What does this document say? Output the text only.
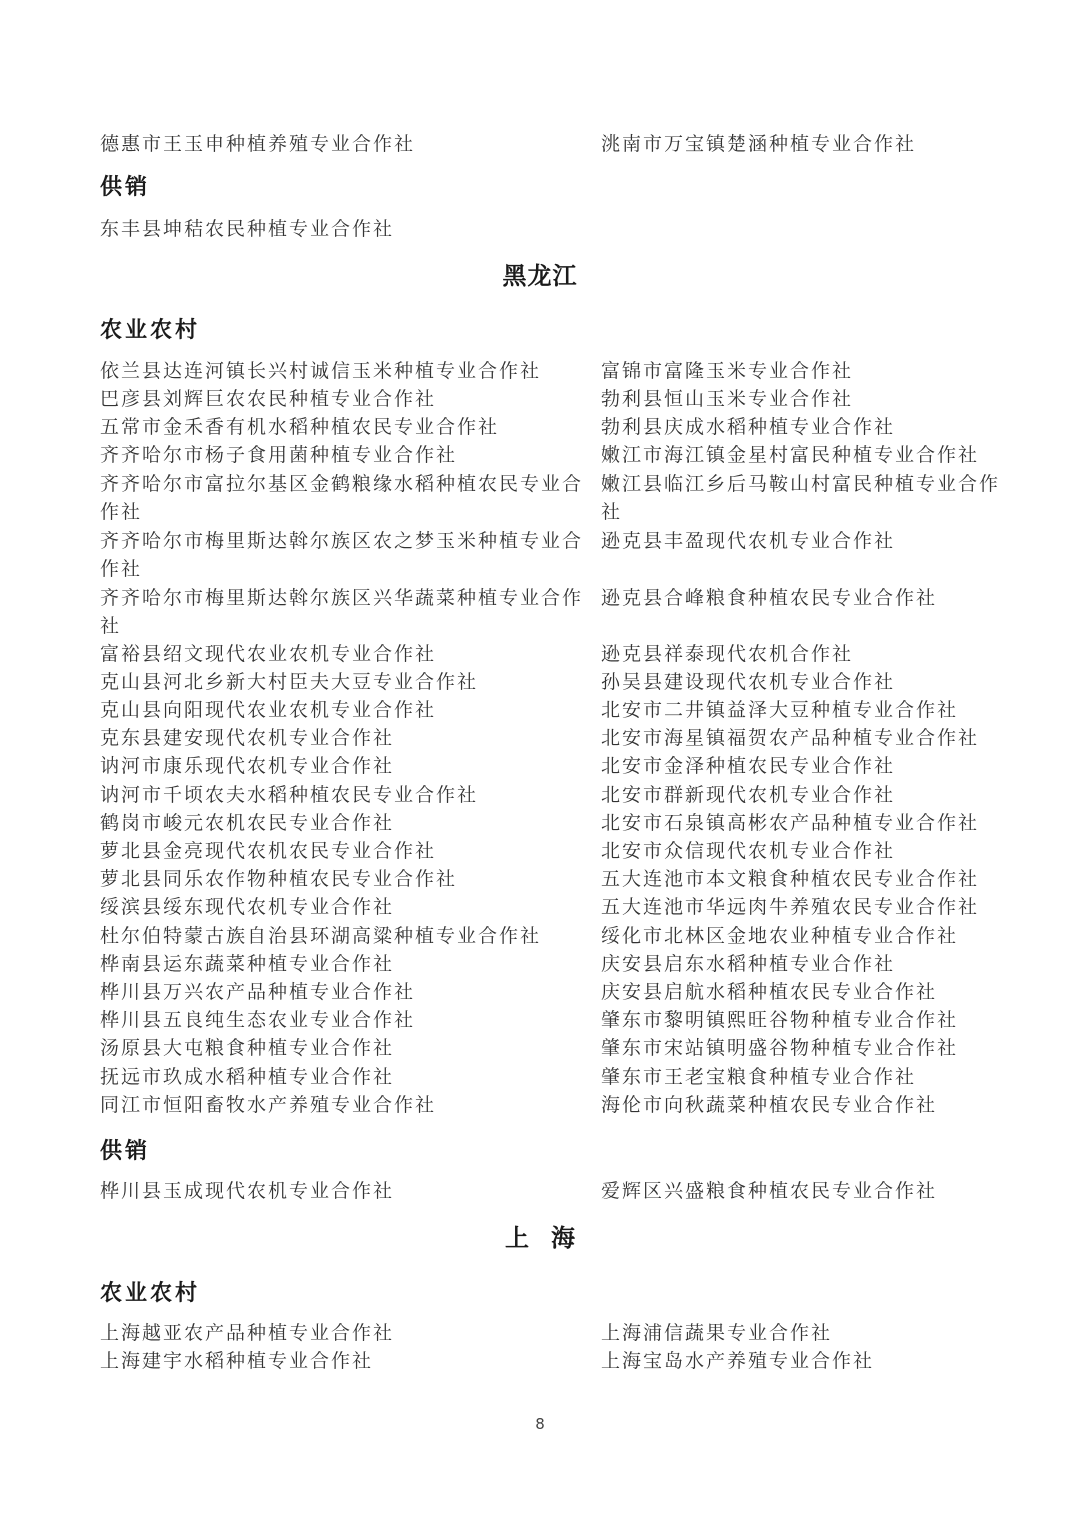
德惠市王玉申种植养殖专业合作社	洮南市万宝镇楚涵种植专业合作社
供销
东丰县坤秸农民种植专业合作社
黑龙江
农业农村
依兰县达连河镇长兴村诚信玉米种植专业合作社
巴彦县刘辉巨农农民种植专业合作社
五常市金禾香有机水稻种植农民专业合作社
齐齐哈尔市杨子食用菌种植专业合作社
齐齐哈尔市富拉尔基区金鹤粮缘水稻种植农民专业合作社
齐齐哈尔市梅里斯达斡尔族区农之梦玉米种植专业合作社
齐齐哈尔市梅里斯达斡尔族区兴华蔬菜种植专业合作社
富裕县绍文现代农业农机专业合作社
克山县河北乡新大村臣夫大豆专业合作社
克山县向阳现代农业农机专业合作社
克东县建安现代农机专业合作社
讷河市康乐现代农机专业合作社
讷河市千顷农夫水稻种植农民专业合作社
鹤岗市峻元农机农民专业合作社
萝北县金亮现代农机农民专业合作社
萝北县同乐农作物种植农民专业合作社
绥滨县绥东现代农机专业合作社
杜尔伯特蒙古族自治县环湖高粱种植专业合作社
桦南县运东蔬菜种植专业合作社
桦川县万兴农产品种植专业合作社
桦川县五良纯生态农业专业合作社
汤原县大屯粮食种植专业合作社
抚远市玖成水稻种植专业合作社
同江市恒阳畜牧水产养殖专业合作社
富锦市富隆玉米专业合作社
勃利县恒山玉米专业合作社
勃利县庆成水稻种植专业合作社
嫩江市海江镇金星村富民种植专业合作社
嫩江县临江乡后马鞍山村富民种植专业合作社
逊克县丰盈现代农机专业合作社
逊克县合峰粮食种植农民专业合作社
逊克县祥泰现代农机合作社
孙吴县建设现代农机专业合作社
北安市二井镇益泽大豆种植专业合作社
北安市海星镇福贺农产品种植专业合作社
北安市金泽种植农民专业合作社
北安市群新现代农机专业合作社
北安市石泉镇高彬农产品种植专业合作社
北安市众信现代农机专业合作社
五大连池市本文粮食种植农民专业合作社
五大连池市华远肉牛养殖农民专业合作社
绥化市北林区金地农业种植专业合作社
庆安县启东水稻种植专业合作社
庆安县启航水稻种植农民专业合作社
肇东市黎明镇熙旺谷物种植专业合作社
肇东市宋站镇明盛谷物种植专业合作社
肇东市王老宝粮食种植专业合作社
海伦市向秋蔬菜种植农民专业合作社
供销
桦川县玉成现代农机专业合作社	爱辉区兴盛粮食种植农民专业合作社
上海
农业农村
上海越亚农产品种植专业合作社
上海建宇水稻种植专业合作社
上海浦信蔬果专业合作社
上海宝岛水产养殖专业合作社
8
